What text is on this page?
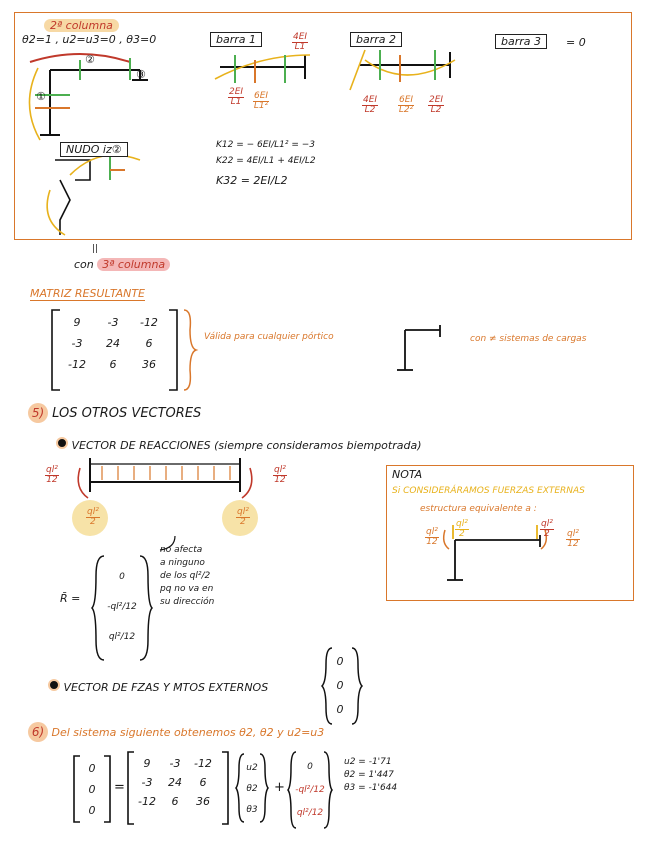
2ª columna
θ2=1 , u2=u3=0 , θ3=0
②
①
③
NUDO iz②
barra 1	$\frac{4EI}{L1}$
$\frac{2EI}{L1} \frac{6EI}{\text{L1²}}$
barra 2
$\frac{4EI}{L2} \frac{6EI}{\text{L2²}} \frac{2EI}{L2}$
barra 3	= 0
K12 = − 6EI/L1² = −3
K22 = 4EI/L1 + 4EI/L2
K32 = 2EI/L2
||
con 3ª columna
MATRIZ RESULTANTE
9	-3	-12
-3	24	6
-12	6	36
Válida para cualquier pórtico	con ≠ sistemas de cargas
5) LOS OTROS VECTORES
VECTOR DE REACCIONES (siempre consideramos biempotrada)
$\frac{\text{ql²}}{12}$	$\frac{\text{ql²}}{12}$
$\frac{\text{ql²}}{2}$	$\frac{\text{ql²}}{2}$
no afecta
a ninguno
de los ql²/2
pq no va en
su dirección
R̄ =
0
-ql²/12
ql²/12
NOTA
Si CONSIDERÁRAMOS FUERZAS EXTERNAS
estructura equivalente a :
$\frac{\text{ql²}}{12} \frac{\text{ql²}}{2}$	$\frac{\text{ql²}}{2}$
$\frac{\text{ql²}}{12}$
VECTOR DE FZAS Y MTOS EXTERNOS
0
0
0
6) Del sistema siguiente obtenemos θ2, θ2 y u2=u3
0
0
0
=
9	-3	-12
-3	24	6
-12	6	36
u2
θ2
θ3
+
0
-ql²/12
ql²/12
u2 = -1'71
θ2 = 1'447
θ3 = -1'644
